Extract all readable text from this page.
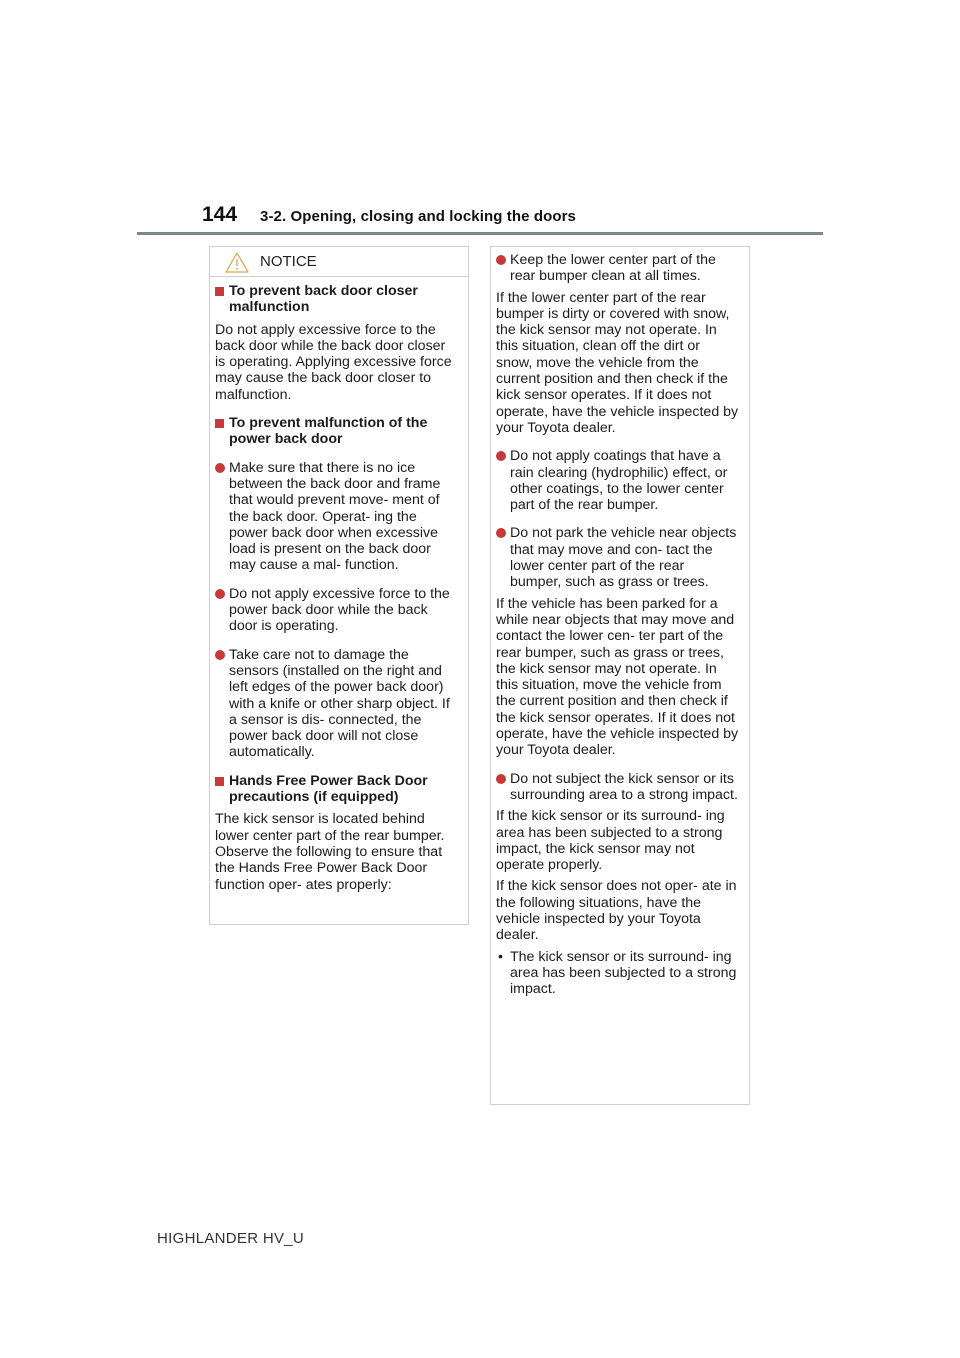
144 3-2. Opening, closing and locking the doors
NOTICE
To prevent back door closer malfunction
Do not apply excessive force to the back door while the back door closer is operating. Applying excessive force may cause the back door closer to malfunction.
To prevent malfunction of the power back door
Make sure that there is no ice between the back door and frame that would prevent move- ment of the back door. Operat- ing the power back door when excessive load is present on the back door may cause a mal- function.
Do not apply excessive force to the power back door while the back door is operating.
Take care not to damage the sensors (installed on the right and left edges of the power back door) with a knife or other sharp object. If a sensor is dis- connected, the power back door will not close automatically.
Hands Free Power Back Door precautions (if equipped)
The kick sensor is located behind lower center part of the rear bumper. Observe the following to ensure that the Hands Free Power Back Door function oper- ates properly:
Keep the lower center part of the rear bumper clean at all times.
If the lower center part of the rear bumper is dirty or covered with snow, the kick sensor may not operate. In this situation, clean off the dirt or snow, move the vehicle from the current position and then check if the kick sensor operates. If it does not operate, have the vehicle inspected by your Toyota dealer.
Do not apply coatings that have a rain clearing (hydrophilic) effect, or other coatings, to the lower center part of the rear bumper.
Do not park the vehicle near objects that may move and con- tact the lower center part of the rear bumper, such as grass or trees.
If the vehicle has been parked for a while near objects that may move and contact the lower cen- ter part of the rear bumper, such as grass or trees, the kick sensor may not operate. In this situation, move the vehicle from the current position and then check if the kick sensor operates. If it does not operate, have the vehicle inspected by your Toyota dealer.
Do not subject the kick sensor or its surrounding area to a strong impact.
If the kick sensor or its surround- ing area has been subjected to a strong impact, the kick sensor may not operate properly.
If the kick sensor does not oper- ate in the following situations, have the vehicle inspected by your Toyota dealer.
• The kick sensor or its surround- ing area has been subjected to a strong impact.
HIGHLANDER HV_U
